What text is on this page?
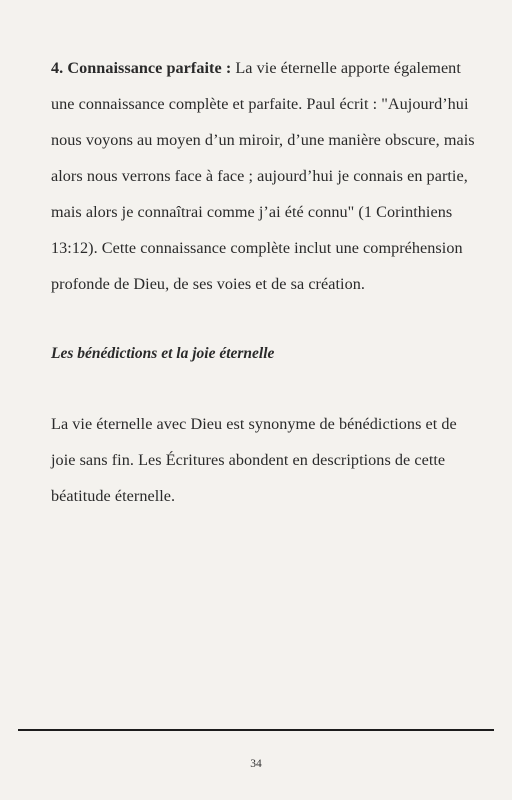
4. Connaissance parfaite : La vie éternelle apporte également une connaissance complète et parfaite. Paul écrit : "Aujourd’hui nous voyons au moyen d’un miroir, d’une manière obscure, mais alors nous verrons face à face ; aujourd’hui je connais en partie, mais alors je connaîtrai comme j’ai été connu" (1 Corinthiens 13:12). Cette connaissance complète inclut une compréhension profonde de Dieu, de ses voies et de sa création.

Les bénédictions et la joie éternelle

La vie éternelle avec Dieu est synonyme de bénédictions et de joie sans fin. Les Écritures abondent en descriptions de cette béatitude éternelle.

34
